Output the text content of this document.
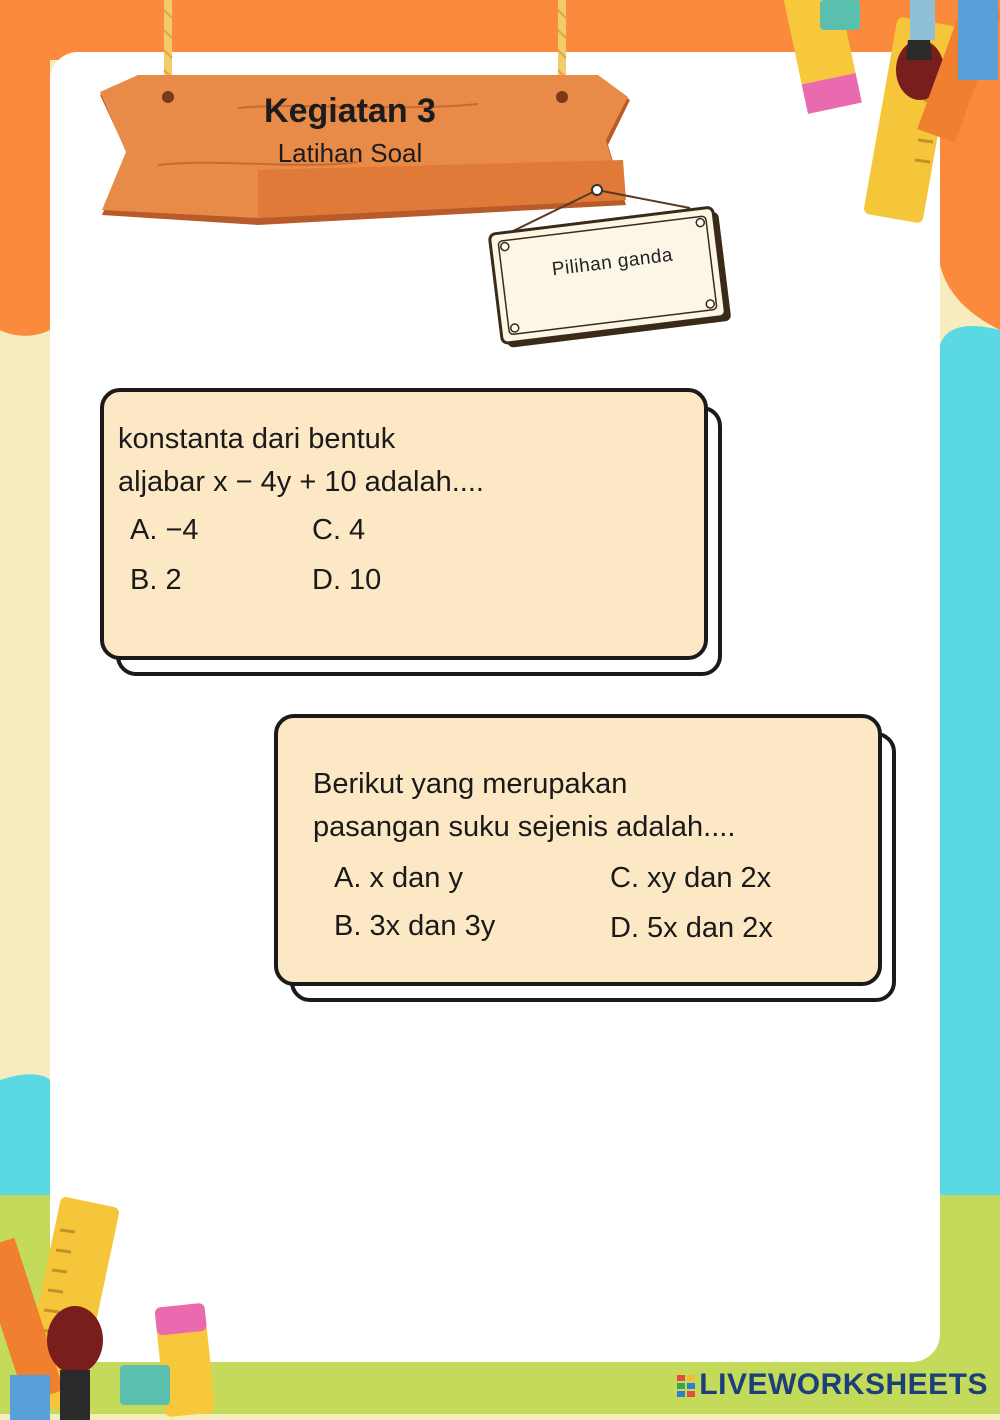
Kegiatan 3
Latihan Soal
Pilihan ganda
konstanta dari bentuk
aljabar x − 4y + 10 adalah....
A. −4
B. 2
C. 4
D. 10
Berikut yang merupakan
pasangan suku sejenis adalah....
A. x dan y
B. 3x dan 3y
C. xy dan 2x
D. 5x dan 2x
LIVEWORKSHEETS
